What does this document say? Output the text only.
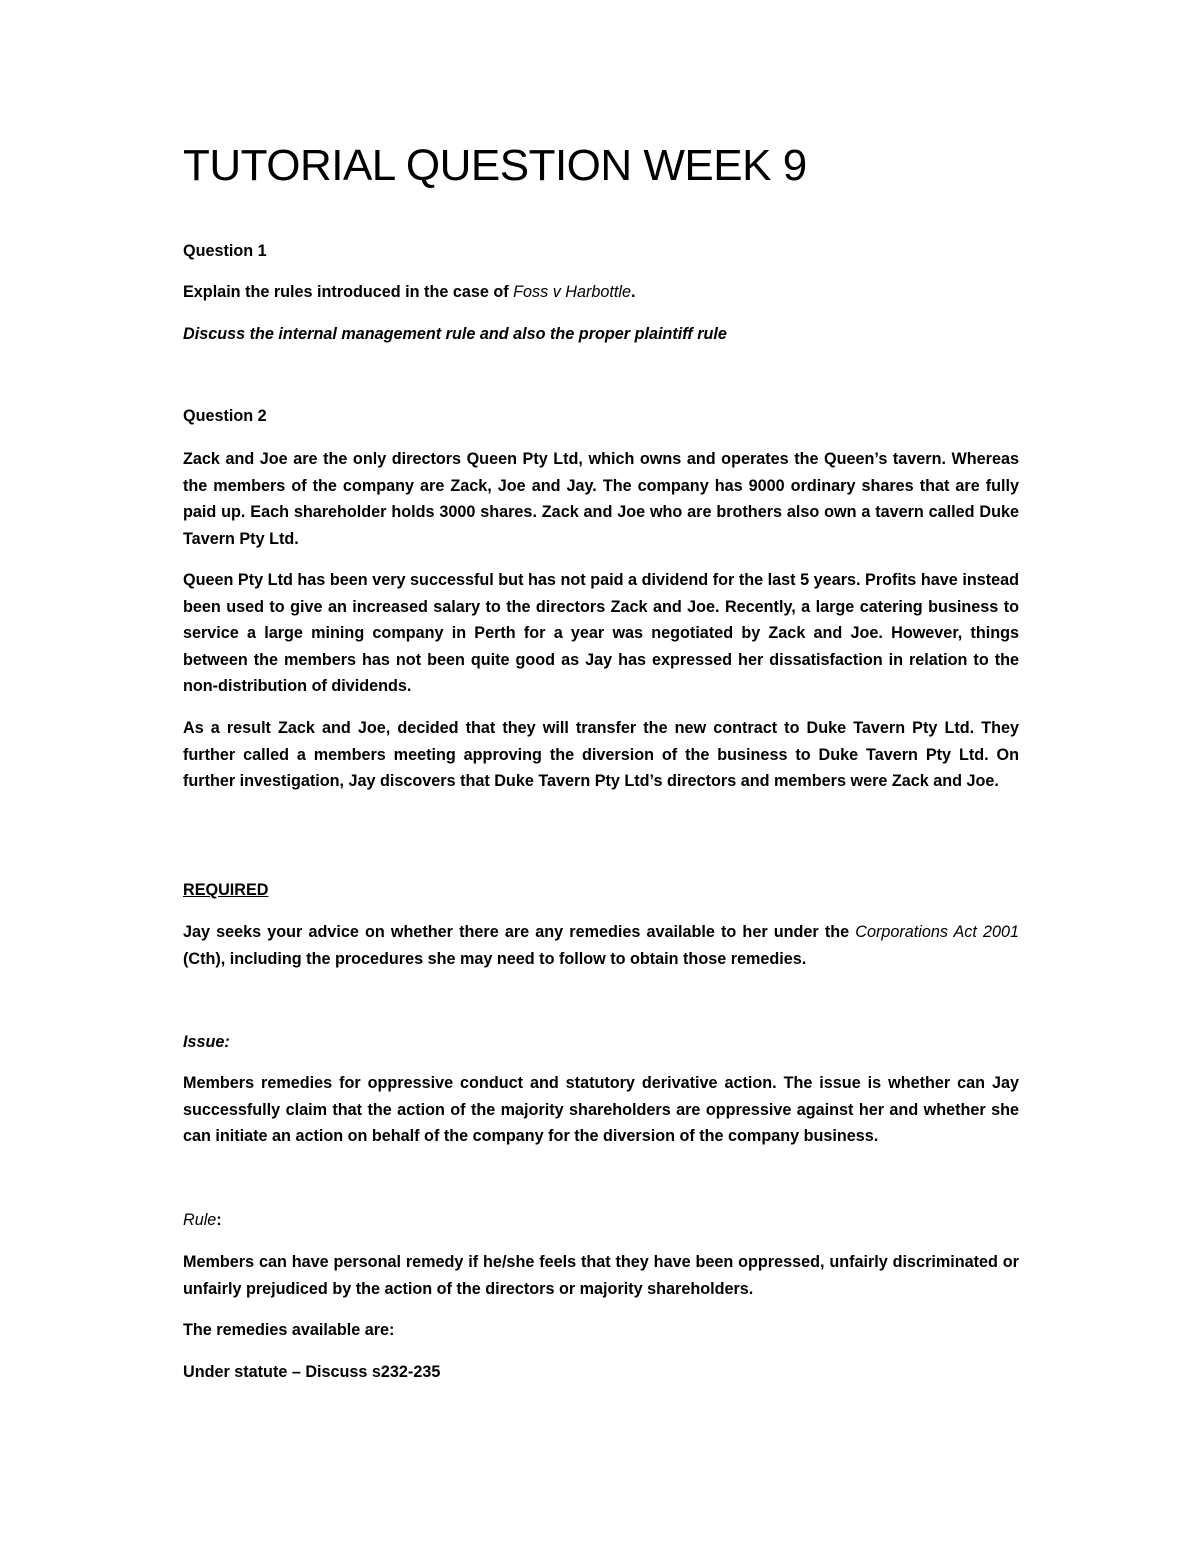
TUTORIAL QUESTION WEEK 9

Question 1

Explain the rules introduced in the case of Foss v Harbottle.

Discuss the internal management rule and also the proper plaintiff rule

Question 2

Zack and Joe are the only directors Queen Pty Ltd, which owns and operates the Queen’s tavern. Whereas the members of the company are Zack, Joe and Jay. The company has 9000 ordinary shares that are fully paid up. Each shareholder holds 3000 shares. Zack and Joe who are brothers also own a tavern called Duke Tavern Pty Ltd.

Queen Pty Ltd has been very successful but has not paid a dividend for the last 5 years. Profits have instead been used to give an increased salary to the directors Zack and Joe. Recently, a large catering business to service a large mining company in Perth for a year was negotiated by Zack and Joe. However, things between the members has not been quite good as Jay has expressed her dissatisfaction in relation to the non-distribution of dividends.

As a result Zack and Joe, decided that they will transfer the new contract to Duke Tavern Pty Ltd. They further called a members meeting approving the diversion of the business to Duke Tavern Pty Ltd. On further investigation, Jay discovers that Duke Tavern Pty Ltd’s directors and members were Zack and Joe.

REQUIRED

Jay seeks your advice on whether there are any remedies available to her under the Corporations Act 2001 (Cth), including the procedures she may need to follow to obtain those remedies.

Issue:

Members remedies for oppressive conduct and statutory derivative action. The issue is whether can Jay successfully claim that the action of the majority shareholders are oppressive against her and whether she can initiate an action on behalf of the company for the diversion of the company business.

Rule:

Members can have personal remedy if he/she feels that they have been oppressed, unfairly discriminated or unfairly prejudiced by the action of the directors or majority shareholders.

The remedies available are:

Under statute – Discuss s232-235
